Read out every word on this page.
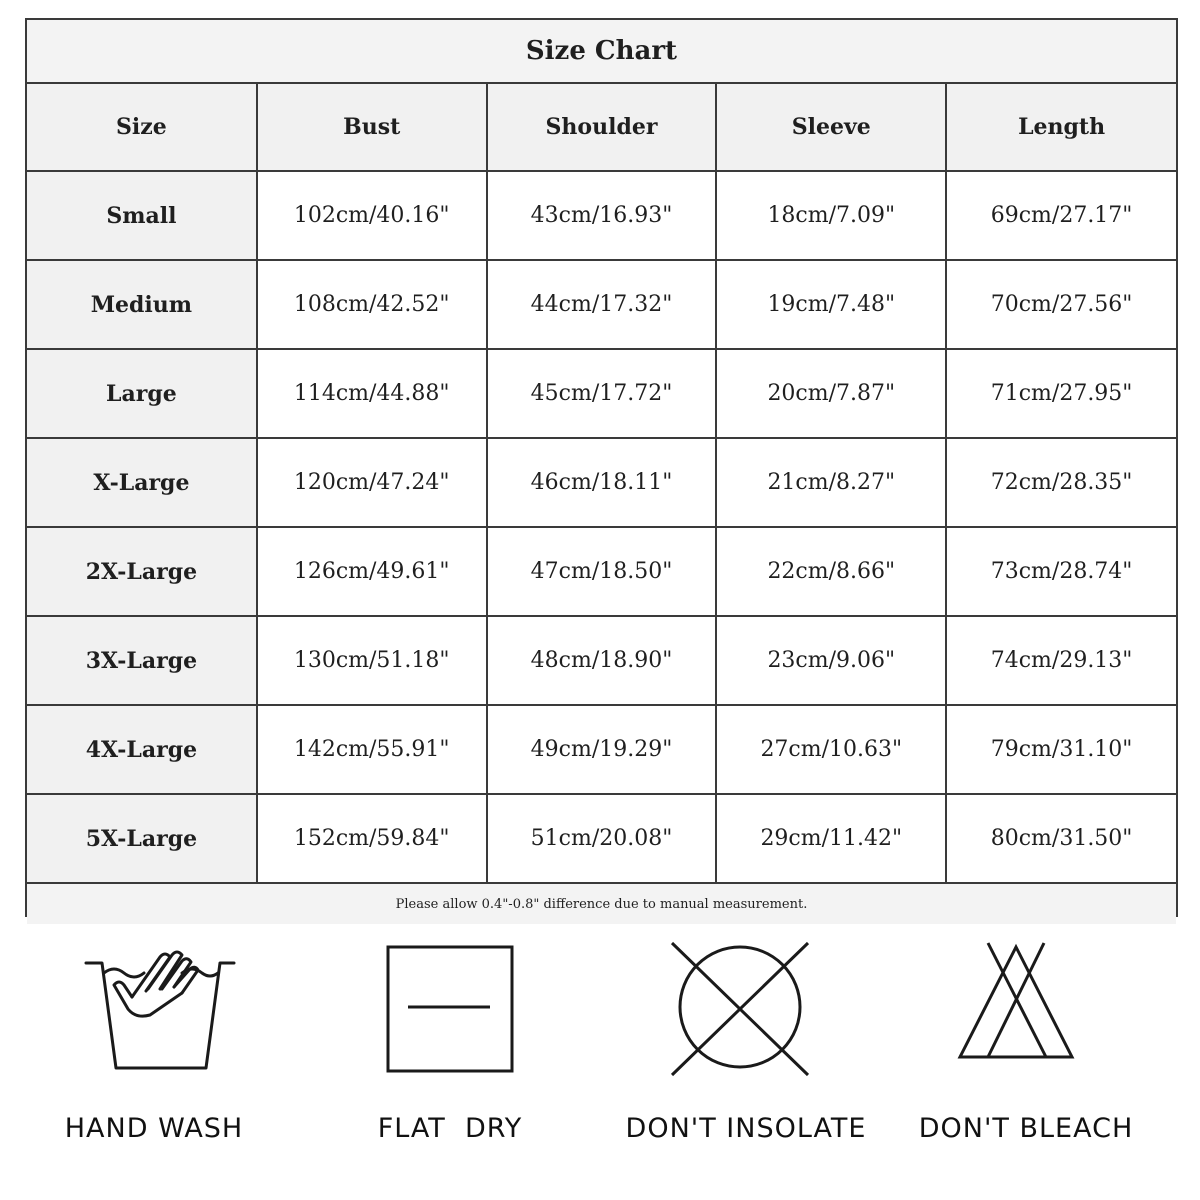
Size Chart				
Size	Bust	Shoulder	Sleeve	Length
Small	102cm/40.16"	43cm/16.93"	18cm/7.09"	69cm/27.17"
Medium	108cm/42.52"	44cm/17.32"	19cm/7.48"	70cm/27.56"
Large	114cm/44.88"	45cm/17.72"	20cm/7.87"	71cm/27.95"
X-Large	120cm/47.24"	46cm/18.11"	21cm/8.27"	72cm/28.35"
2X-Large	126cm/49.61"	47cm/18.50"	22cm/8.66"	73cm/28.74"
3X-Large	130cm/51.18"	48cm/18.90"	23cm/9.06"	74cm/29.13"
4X-Large	142cm/55.91"	49cm/19.29"	27cm/10.63"	79cm/31.10"
5X-Large	152cm/59.84"	51cm/20.08"	29cm/11.42"	80cm/31.50"
Please allow 0.4"-0.8" difference due to manual measurement.				
HAND WASH	FLAT  DRY	DON'T INSOLATE	DON'T BLEACH
